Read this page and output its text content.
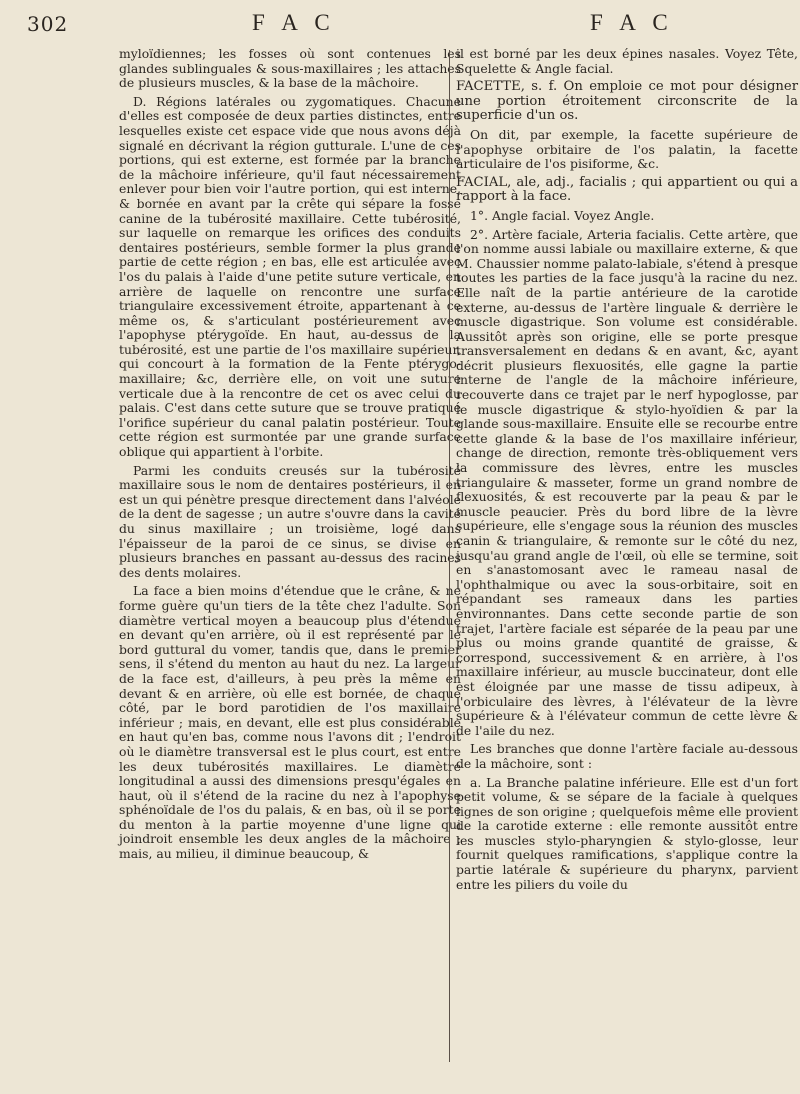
302	F A C	F A C

myloïdiennes; les fosses où sont contenues les glandes sublinguales & sous-maxillaires ; les attaches de plusieurs muscles, & la base de la mâchoire.

D. Régions latérales ou zygomatiques. Chacune d'elles est composée de deux parties distinctes, entre lesquelles existe cet espace vide que nous avons déjà signalé en décrivant la région gutturale. L'une de ces portions, qui est externe, est formée par la branche de la mâchoire inférieure, qu'il faut nécessairement enlever pour bien voir l'autre portion, qui est interne, & bornée en avant par la crête qui sépare la fosse canine de la tubérosité maxillaire. Cette tubérosité, sur laquelle on remarque les orifices des conduits dentaires postérieurs, semble former la plus grande partie de cette région ; en bas, elle est articulée avec l'os du palais à l'aide d'une petite suture verticale, en arrière de laquelle on rencontre une surface triangulaire excessivement étroite, appartenant à ce même os, & s'articulant postérieurement avec l'apophyse ptérygoïde. En haut, au-dessus de la tubérosité, est une partie de l'os maxillaire supérieur, qui concourt à la formation de la Fente ptérygo-maxillaire; &c, derrière elle, on voit une suture verticale due à la rencontre de cet os avec celui du palais. C'est dans cette suture que se trouve pratiqué l'orifice supérieur du canal palatin postérieur. Toute cette région est surmontée par une grande surface oblique qui appartient à l'orbite.

Parmi les conduits creusés sur la tubérosité maxillaire sous le nom de dentaires postérieurs, il en est un qui pénètre presque directement dans l'alvéole de la dent de sagesse ; un autre s'ouvre dans la cavité du sinus maxillaire ; un troisième, logé dans l'épaisseur de la paroi de ce sinus, se divise en plusieurs branches en passant au-dessus des racines des dents molaires.

La face a bien moins d'étendue que le crâne, & ne forme guère qu'un tiers de la tête chez l'adulte. Son diamètre vertical moyen a beaucoup plus d'étendue en devant qu'en arrière, où il est représenté par le bord guttural du vomer, tandis que, dans le premier sens, il s'étend du menton au haut du nez. La largeur de la face est, d'ailleurs, à peu près la même en devant & en arrière, où elle est bornée, de chaque côté, par le bord parotidien de l'os maxillaire inférieur ; mais, en devant, elle est plus considérable en haut qu'en bas, comme nous l'avons dit ; l'endroit où le diamètre transversal est le plus court, est entre les deux tubérosités maxillaires. Le diamètre longitudinal a aussi des dimensions presqu'égales en haut, où il s'étend de la racine du nez à l'apophyse sphénoïdale de l'os du palais, & en bas, où il se porte du menton à la partie moyenne d'une ligne qui joindroit ensemble les deux angles de la mâchoire ; mais, au milieu, il diminue beaucoup, &

il est borné par les deux épines nasales. Voyez Tête, Squelette & Angle facial.

FACETTE, s. f. On emploie ce mot pour désigner une portion étroitement circonscrite de la superficie d'un os.

On dit, par exemple, la facette supérieure de l'apophyse orbitaire de l'os palatin, la facette articulaire de l'os pisiforme, &c.

FACIAL, ale, adj., facialis ; qui appartient ou qui a rapport à la face.

1°. Angle facial. Voyez Angle.

2°. Artère faciale, Arteria facialis. Cette artère, que l'on nomme aussi labiale ou maxillaire externe, & que M. Chaussier nomme palato-labiale, s'étend à presque toutes les parties de la face jusqu'à la racine du nez. Elle naît de la partie antérieure de la carotide externe, au-dessus de l'artère linguale & derrière le muscle digastrique. Son volume est considérable. Aussitôt après son origine, elle se porte presque transversalement en dedans & en avant, &c, ayant décrit plusieurs flexuosités, elle gagne la partie interne de l'angle de la mâchoire inférieure, recouverte dans ce trajet par le nerf hypoglosse, par le muscle digastrique & stylo-hyoïdien & par la glande sous-maxillaire. Ensuite elle se recourbe entre cette glande & la base de l'os maxillaire inférieur, change de direction, remonte très-obliquement vers la commissure des lèvres, entre les muscles triangulaire & masseter, forme un grand nombre de flexuosités, & est recouverte par la peau & par le muscle peaucier. Près du bord libre de la lèvre supérieure, elle s'engage sous la réunion des muscles canin & triangulaire, & remonte sur le côté du nez, jusqu'au grand angle de l'œil, où elle se termine, soit en s'anastomosant avec le rameau nasal de l'ophthalmique ou avec la sous-orbitaire, soit en répandant ses rameaux dans les parties environnantes. Dans cette seconde partie de son trajet, l'artère faciale est séparée de la peau par une plus ou moins grande quantité de graisse, & correspond, successivement & en arrière, à l'os maxillaire inférieur, au muscle buccinateur, dont elle est éloignée par une masse de tissu adipeux, à l'orbiculaire des lèvres, à l'élévateur de la lèvre supérieure & à l'élévateur commun de cette lèvre & de l'aile du nez.

Les branches que donne l'artère faciale au-dessous de la mâchoire, sont :

a. La Branche palatine inférieure. Elle est d'un fort petit volume, & se sépare de la faciale à quelques lignes de son origine ; quelquefois même elle provient de la carotide externe : elle remonte aussitôt entre les muscles stylo-pharyngien & stylo-glosse, leur fournit quelques ramifications, s'applique contre la partie latérale & supérieure du pharynx, parvient entre les piliers du voile du
